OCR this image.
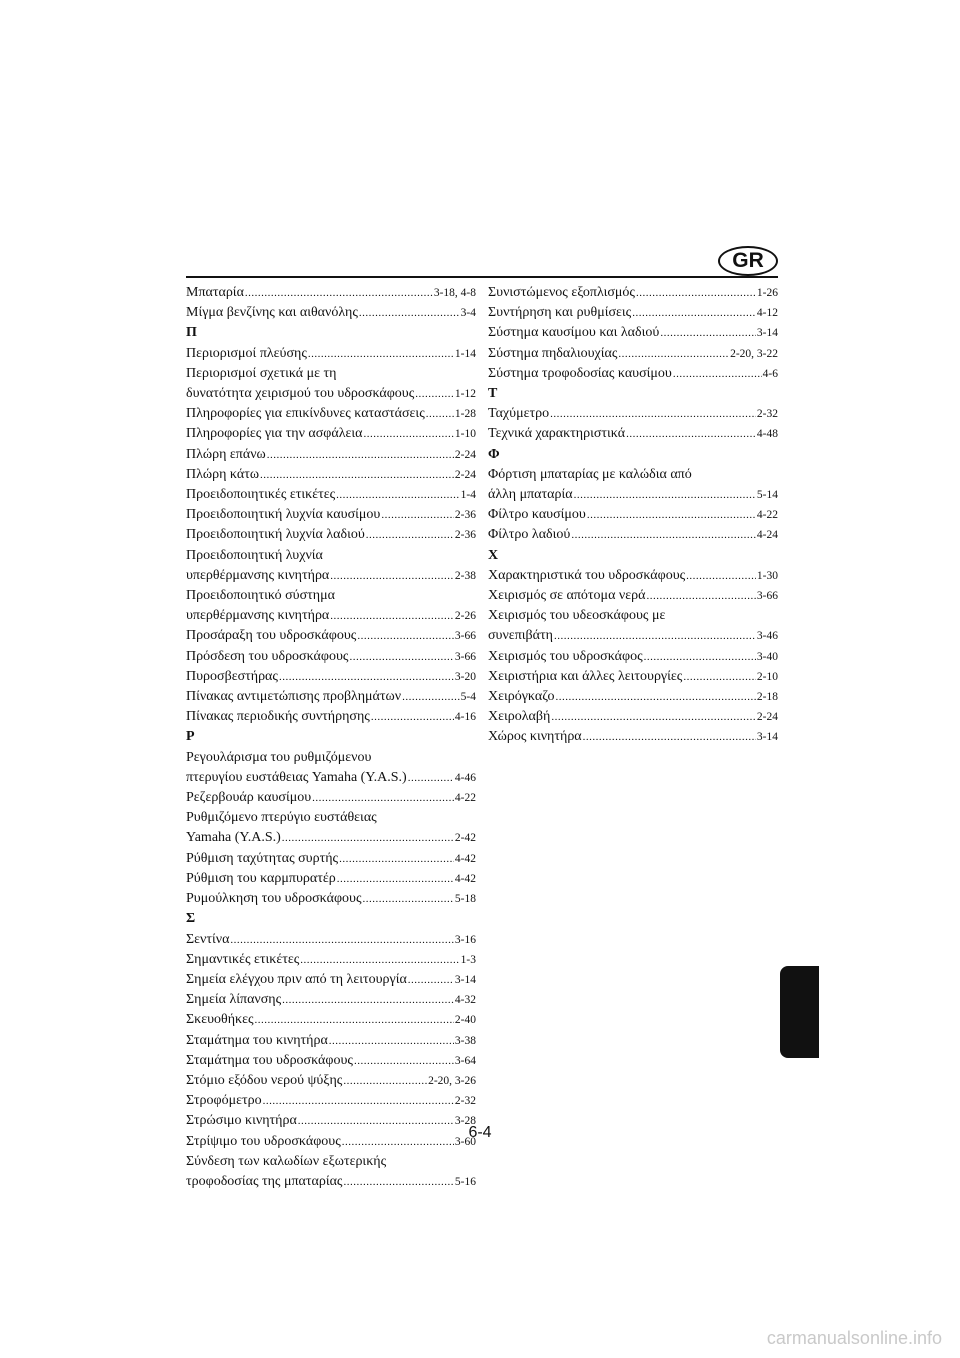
GR
Μπαταρία .....	3-18, 4-8
Μίγμα βενζίνης και αιθανόλης .....	3-4
Π
Περιορισμοί πλεύσης .....	1-14
Περιορισμοί σχετικά με τη
δυνατότητα χειρισμού του υδροσκάφους .....	1-12
Πληροφορίες για επικίνδυνες καταστάσεις .....	1-28
Πληροφορίες για την ασφάλεια .....	1-10
Πλώρη επάνω .....	2-24
Πλώρη κάτω .....	2-24
Προειδοποιητικές ετικέτες .....	1-4
Προειδοποιητική λυχνία καυσίμου .....	2-36
Προειδοποιητική λυχνία λαδιού .....	2-36
Προειδοποιητική λυχνία
υπερθέρμανσης κινητήρα .....	2-38
Προειδοποιητικό σύστημα
υπερθέρμανσης κινητήρα .....	2-26
Προσάραξη του υδροσκάφους .....	3-66
Πρόσδεση του υδροσκάφους .....	3-66
Πυροσβεστήρας .....	3-20
Πίνακας αντιμετώπισης προβλημάτων .....	5-4
Πίνακας περιοδικής συντήρησης .....	4-16
Ρ
Ρεγουλάρισμα του ρυθμιζόμενου
πτερυγίου ευστάθειας Yamaha (Y.A.S.) .....	4-46
Ρεζερβουάρ καυσίμου .....	4-22
Ρυθμιζόμενο πτερύγιο ευστάθειας
Yamaha (Y.A.S.) .....	2-42
Ρύθμιση ταχύτητας συρτής .....	4-42
Ρύθμιση του καρμπυρατέρ .....	4-42
Ρυμούλκηση του υδροσκάφους .....	5-18
Σ
Σεντίνα .....	3-16
Σημαντικές ετικέτες .....	1-3
Σημεία ελέγχου πριν από τη λειτουργία .....	3-14
Σημεία λίπανσης .....	4-32
Σκευοθήκες .....	2-40
Σταμάτημα του κινητήρα .....	3-38
Σταμάτημα του υδροσκάφους .....	3-64
Στόμιο εξόδου νερού ψύξης .....	2-20, 3-26
Στροφόμετρο .....	2-32
Στρώσιμο κινητήρα .....	3-28
Στρίψιμο του υδροσκάφους .....	3-60
Σύνδεση των καλωδίων εξωτερικής
τροφοδοσίας της μπαταρίας .....	5-16
Συνιστώμενος εξοπλισμός .....	1-26
Συντήρηση και ρυθμίσεις .....	4-12
Σύστημα καυσίμου και λαδιού .....	3-14
Σύστημα πηδαλιουχίας .....	2-20, 3-22
Σύστημα τροφοδοσίας καυσίμου .....	4-6
Τ
Ταχύμετρο .....	2-32
Τεχνικά χαρακτηριστικά .....	4-48
Φ
Φόρτιση μπαταρίας με καλώδια από
άλλη μπαταρία .....	5-14
Φίλτρο καυσίμου .....	4-22
Φίλτρο λαδιού .....	4-24
Χ
Χαρακτηριστικά του υδροσκάφους .....	1-30
Χειρισμός σε απότομα νερά .....	3-66
Χειρισμός του υδεοσκάφους με
συνεπιβάτη .....	3-46
Χειρισμός του υδροσκάφος .....	3-40
Χειριστήρια και άλλες λειτουργίες .....	2-10
Χειρόγκαζο .....	2-18
Χειρολαβή .....	2-24
Χώρος κινητήρα .....	3-14
6-4
carmanualsonline.info
